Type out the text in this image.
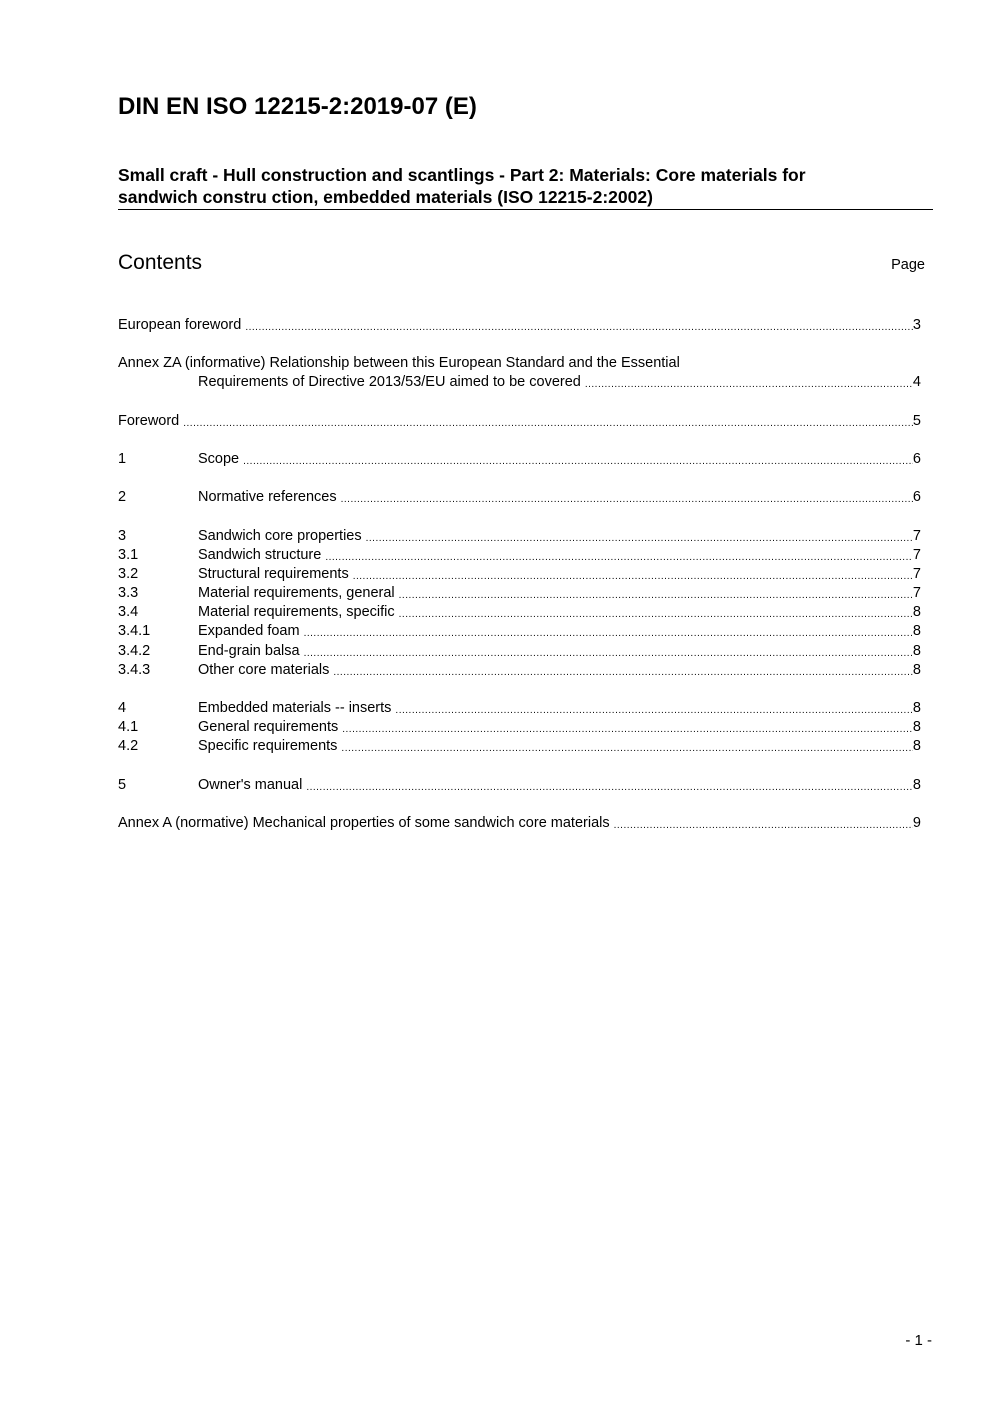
DIN EN ISO 12215-2:2019-07 (E)
Small craft - Hull construction and scantlings - Part 2: Materials: Core materials for
sandwich constru ction, embedded materials (ISO 12215-2:2002)
Contents	Page
European foreword .....	3
Annex ZA (informative) Relationship between this European Standard and the Essential
Requirements of Directive 2013/53/EU aimed to be covered .....	4
Foreword .....	5
1	Scope .....	6
2	Normative references .....	6
3	Sandwich core properties .....	7
3.1	Sandwich structure .....	7
3.2	Structural requirements .....	7
3.3	Material requirements, general .....	7
3.4	Material requirements, specific .....	8
3.4.1	Expanded foam .....	8
3.4.2	End-grain balsa .....	8
3.4.3	Other core materials .....	8
4	Embedded materials -- inserts .....	8
4.1	General requirements .....	8
4.2	Specific requirements .....	8
5	Owner's manual .....	8
Annex A (normative) Mechanical properties of some sandwich core materials .....	9
- 1 -
